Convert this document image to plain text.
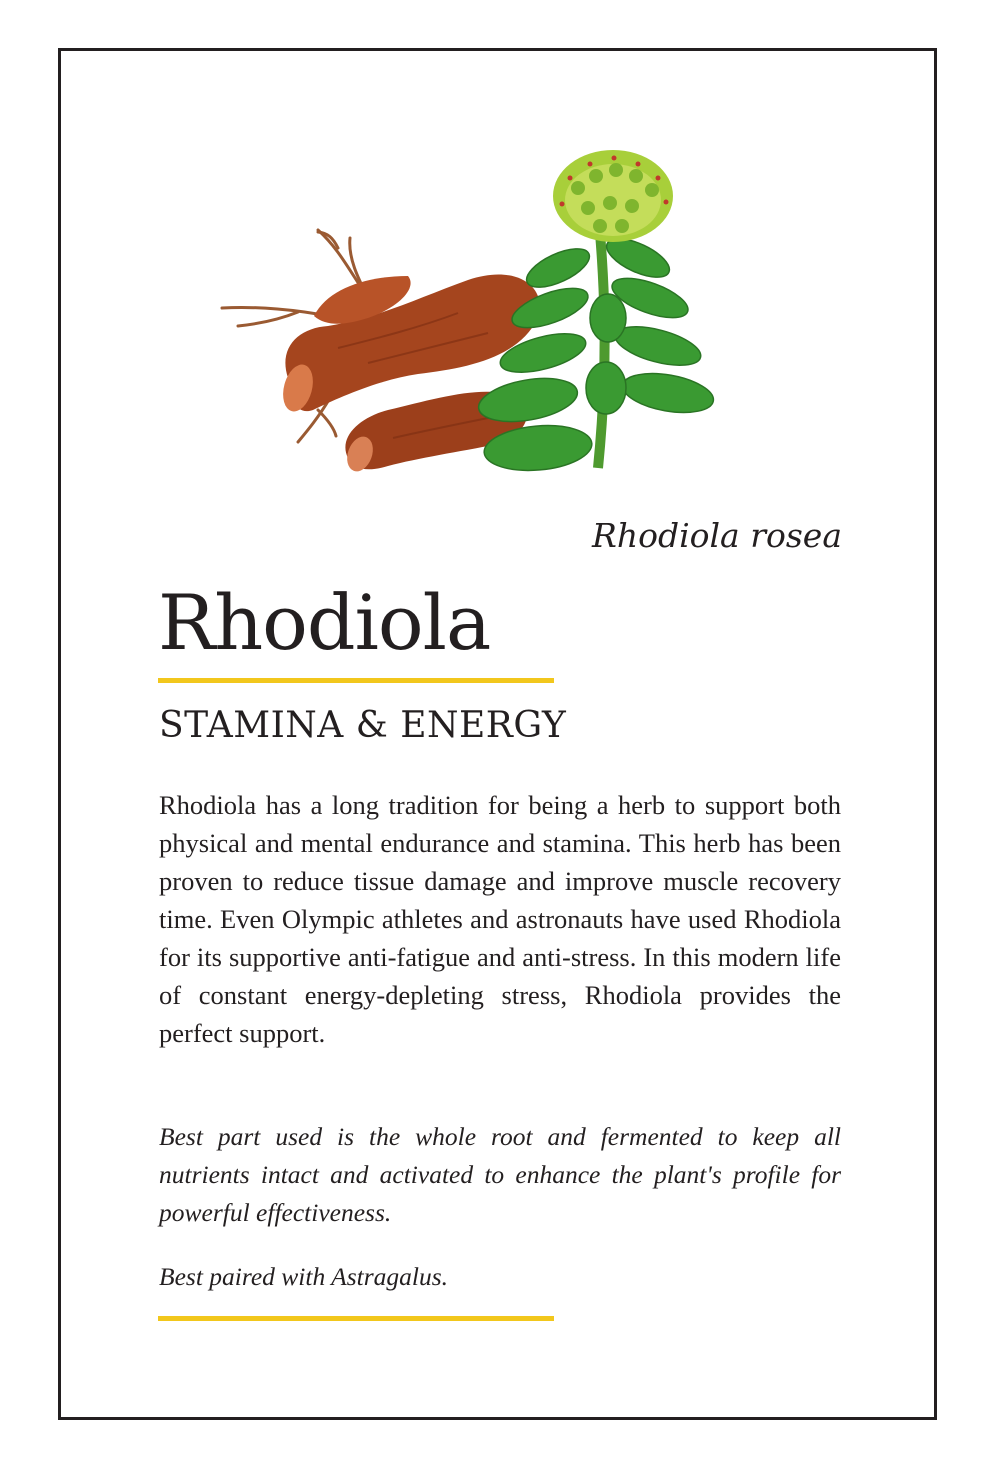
Rhodiola rosea

Rhodiola
STAMINA & ENERGY

Rhodiola has a long tradition for being a herb to support both physical and mental endurance and stamina. This herb has been proven to reduce tissue damage and improve muscle recovery time. Even Olympic athletes and astronauts have used Rhodiola for its supportive anti-fatigue and anti-stress. In this modern life of constant energy-depleting stress, Rhodiola provides the perfect support.

Best part used is the whole root and fermented to keep all nutrients intact and activated to enhance the plant's profile for powerful effectiveness.

Best paired with Astragalus.
